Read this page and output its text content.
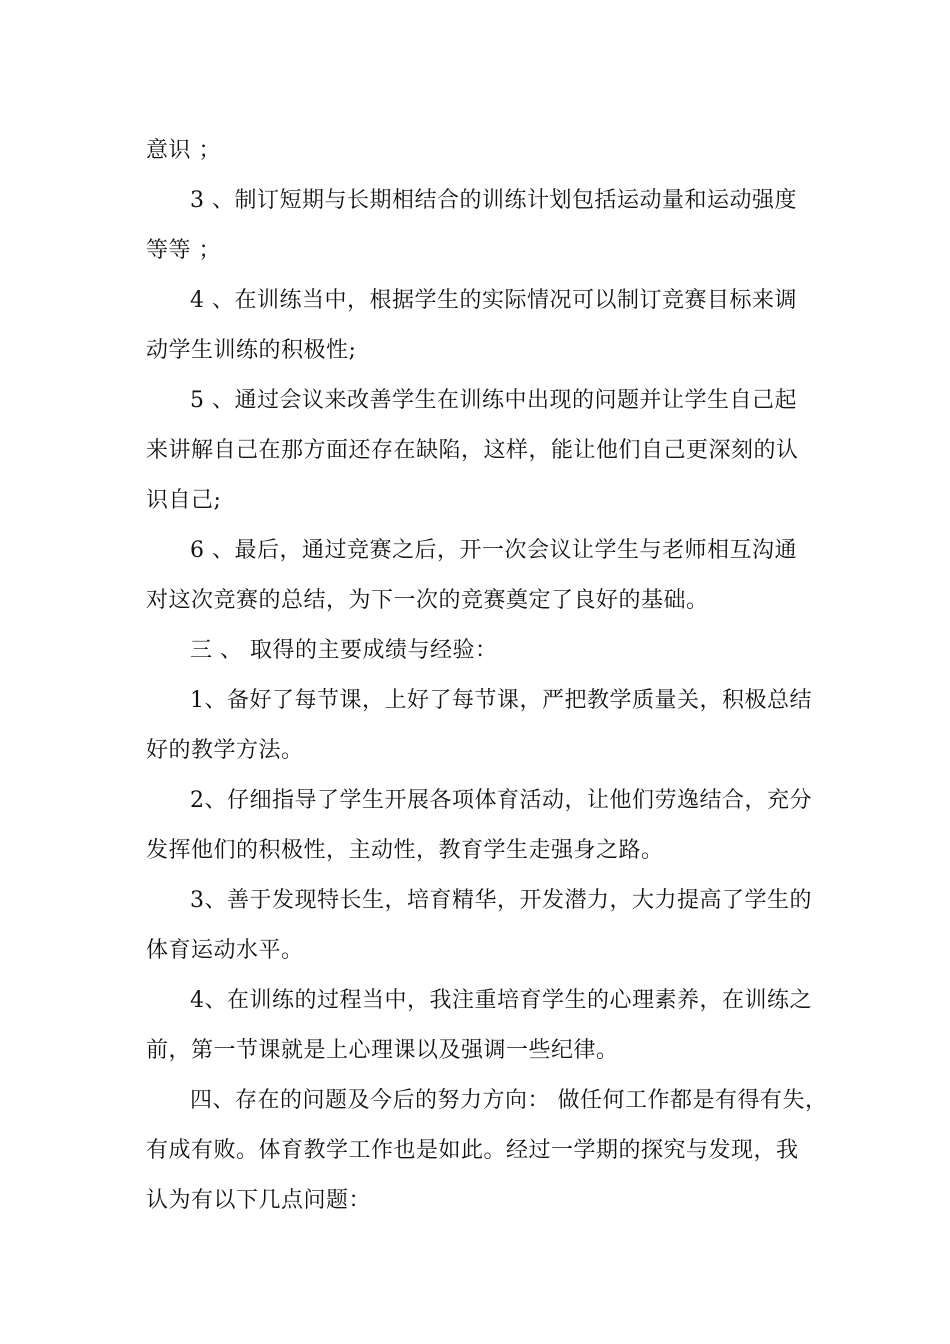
意识 ；
3 、制订短期与长期相结合的训练计划包括运动量和运动强度
等等 ；
4 、在训练当中，根据学生的实际情况可以制订竞赛目标来调
动学生训练的积极性;
5 、通过会议来改善学生在训练中出现的问题并让学生自己起
来讲解自己在那方面还存在缺陷，这样，能让他们自己更深刻的认
识自己;
6 、最后，通过竞赛之后，开一次会议让学生与老师相互沟通
对这次竞赛的总结，为下一次的竞赛奠定了良好的基础。
三 、 取得的主要成绩与经验：
1、备好了每节课，上好了每节课，严把教学质量关，积极总结
好的教学方法。
2、仔细指导了学生开展各项体育活动，让他们劳逸结合，充分
发挥他们的积极性，主动性，教育学生走强身之路。
3、善于发现特长生，培育精华，开发潜力，大力提高了学生的
体育运动水平。
4、在训练的过程当中，我注重培育学生的心理素养，在训练之
前，第一节课就是上心理课以及强调一些纪律。
四、存在的问题及今后的努力方向： 做任何工作都是有得有失，
有成有败。体育教学工作也是如此。经过一学期的探究与发现，我
认为有以下几点问题：
